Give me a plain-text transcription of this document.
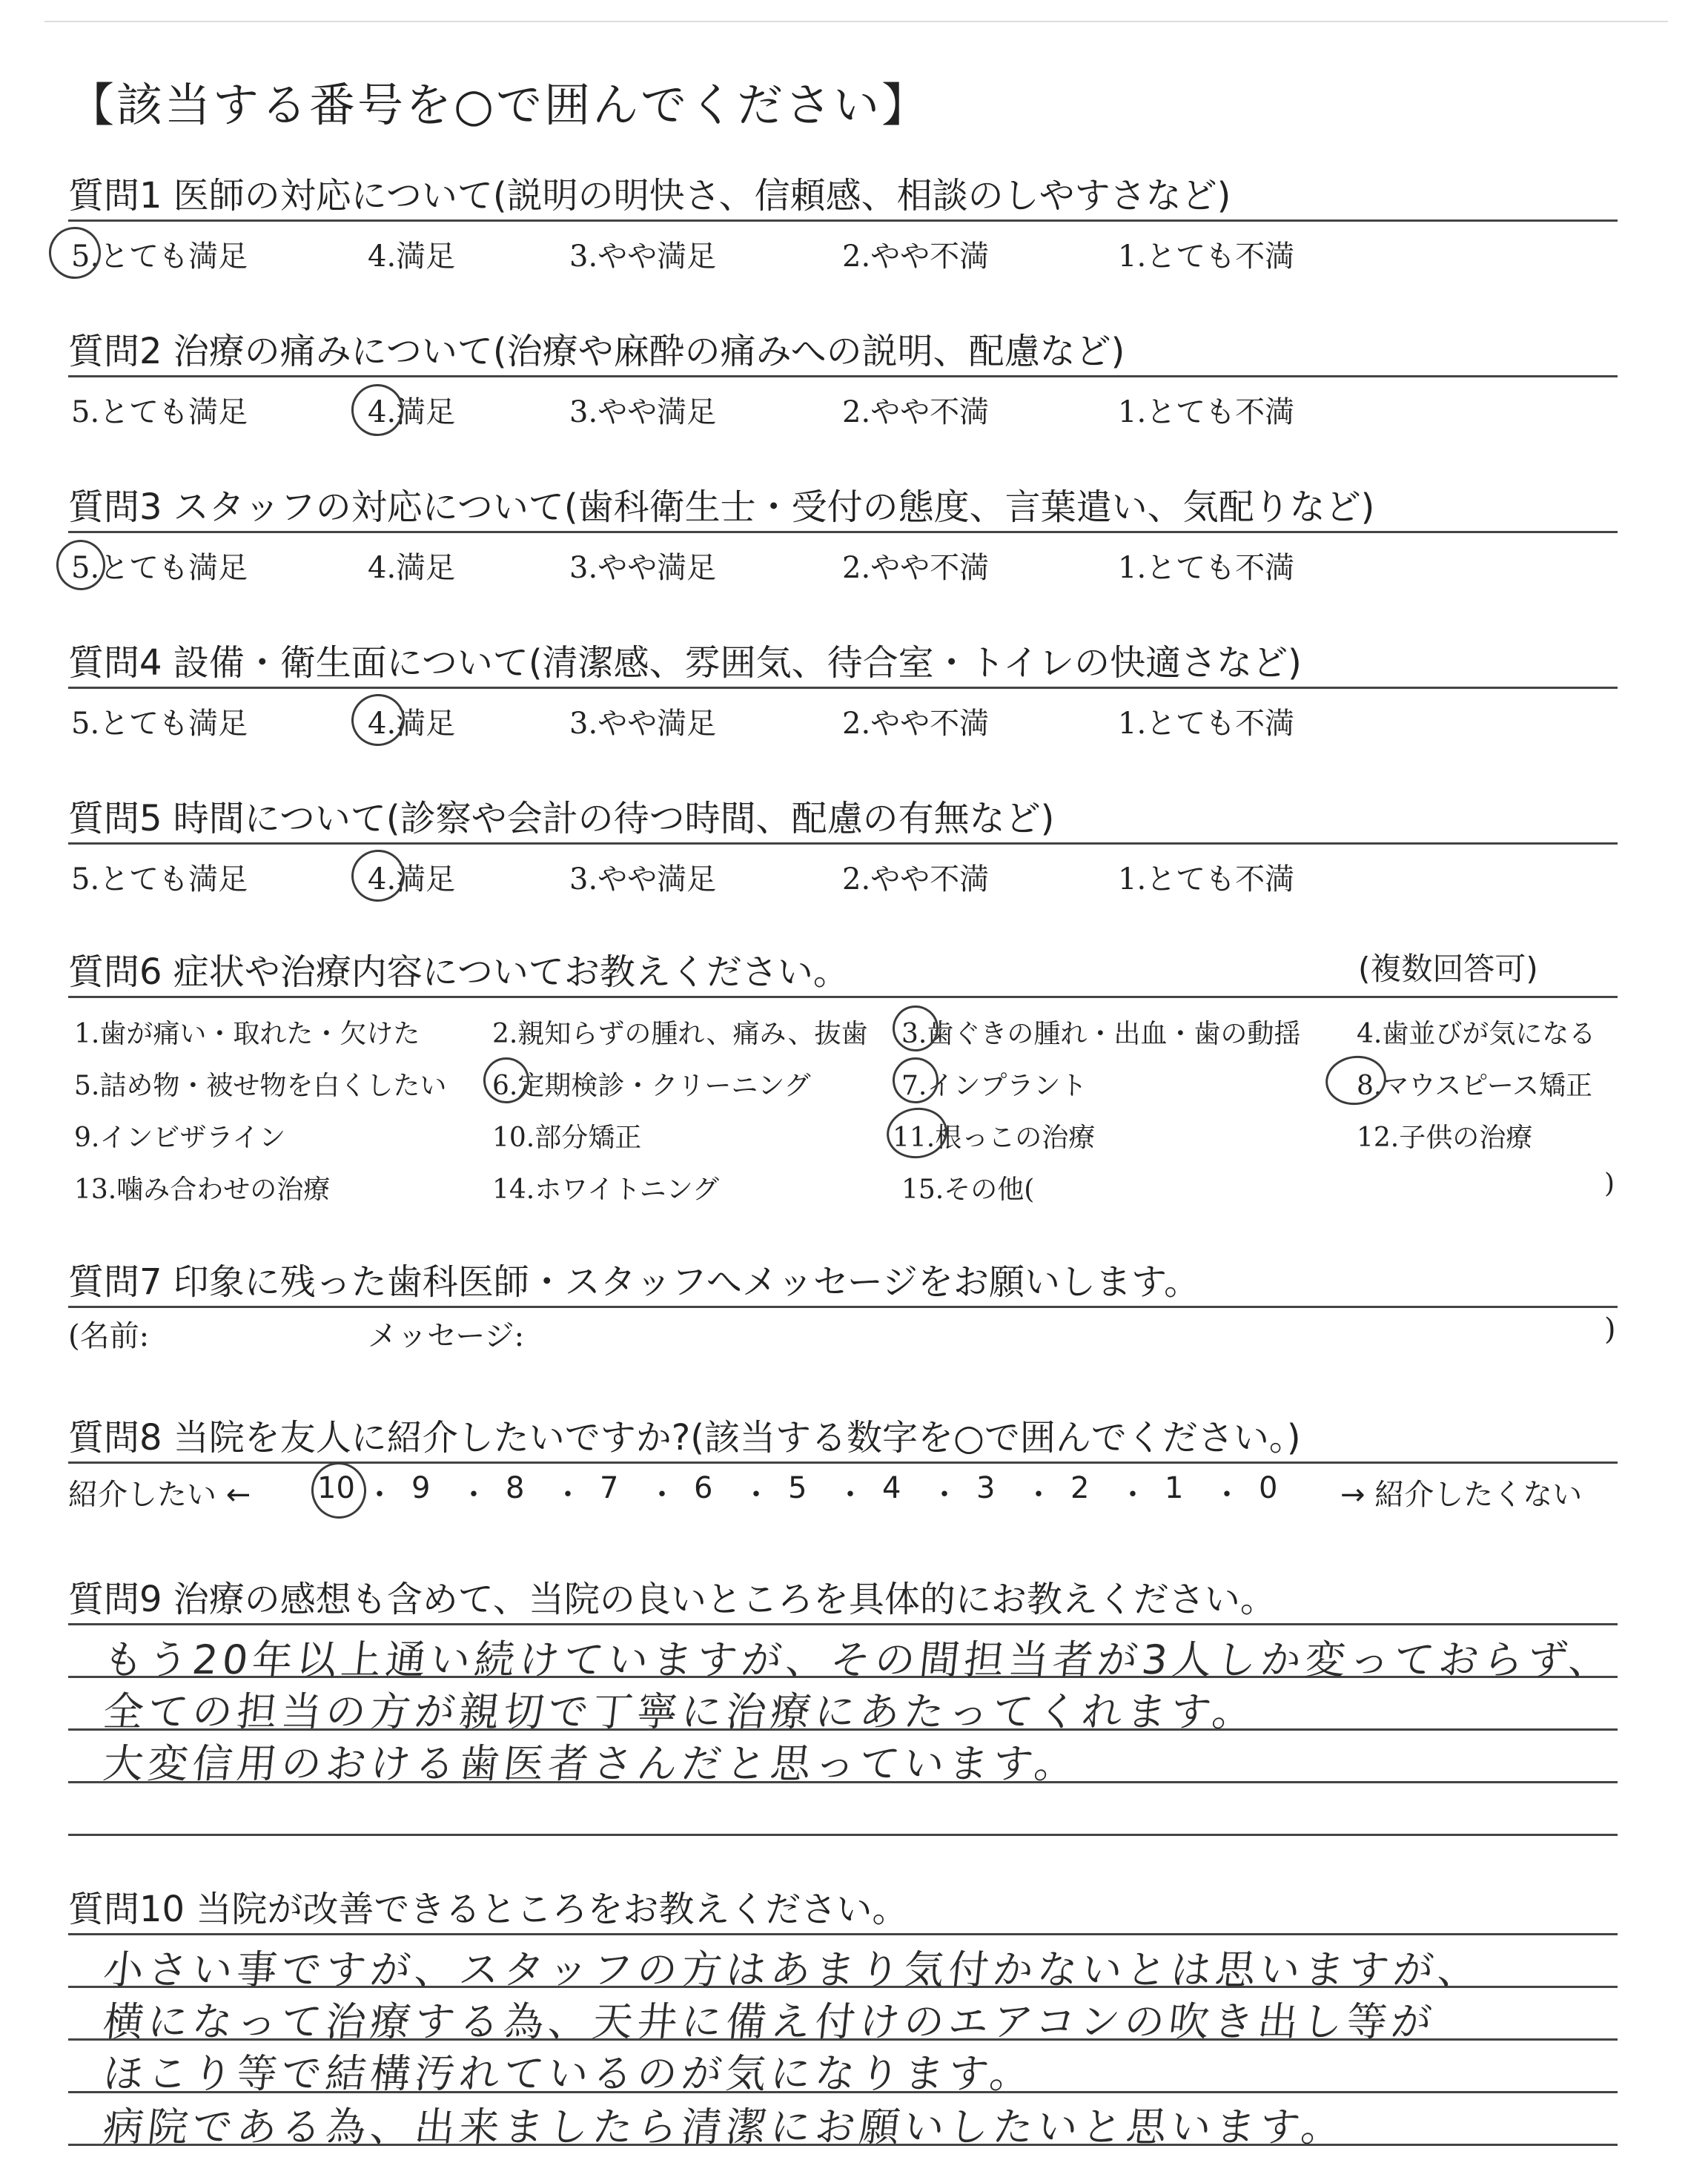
【該当する番号を○で囲んでください】
質問1 医師の対応について(説明の明快さ、信頼感、相談のしやすさなど)
5.とても満足	4.満足	3.やや満足	2.やや不満	1.とても不満
質問2 治療の痛みについて(治療や麻酔の痛みへの説明、配慮など)
5.とても満足	4.満足	3.やや満足	2.やや不満	1.とても不満
質問3 スタッフの対応について(歯科衛生士・受付の態度、言葉遣い、気配りなど)
5.とても満足	4.満足	3.やや満足	2.やや不満	1.とても不満
質問4 設備・衛生面について(清潔感、雰囲気、待合室・トイレの快適さなど)
5.とても満足	4.満足	3.やや満足	2.やや不満	1.とても不満
質問5 時間について(診察や会計の待つ時間、配慮の有無など)
5.とても満足	4.満足	3.やや満足	2.やや不満	1.とても不満
質問6 症状や治療内容についてお教えください。	(複数回答可)
1.歯が痛い・取れた・欠けた	2.親知らずの腫れ、痛み、抜歯 3.歯ぐきの腫れ・出血・歯の動揺 4.歯並びが気になる
5.詰め物・被せ物を白くしたい 6.定期検診・クリーニング	7.インプラント	8.マウスピース矯正
9.インビザライン	10.部分矯正	11.根っこの治療	12.子供の治療
13.噛み合わせの治療	14.ホワイトニング	15.その他(	)
質問7 印象に残った歯科医師・スタッフへメッセージをお願いします。
(名前:	メッセージ:	)
質問8 当院を友人に紹介したいですか?(該当する数字を○で囲んでください。)
紹介したい ←	→ 紹介したくない
10 ・ 9 ・ 8 ・ 7 ・ 6 ・ 5 ・ 4 ・ 3 ・ 2 ・ 1 ・ 0
質問9 治療の感想も含めて、当院の良いところを具体的にお教えください。
もう20年以上通い続けていますが、その間担当者が3人しか変っておらず、
全ての担当の方が親切で丁寧に治療にあたってくれます。
大変信用のおける歯医者さんだと思っています。
質問10 当院が改善できるところをお教えください。
小さい事ですが、スタッフの方はあまり気付かないとは思いますが、
横になって治療する為、天井に備え付けのエアコンの吹き出し等が
ほこり等で結構汚れているのが気になります。
病院である為、出来ましたら清潔にお願いしたいと思います。
